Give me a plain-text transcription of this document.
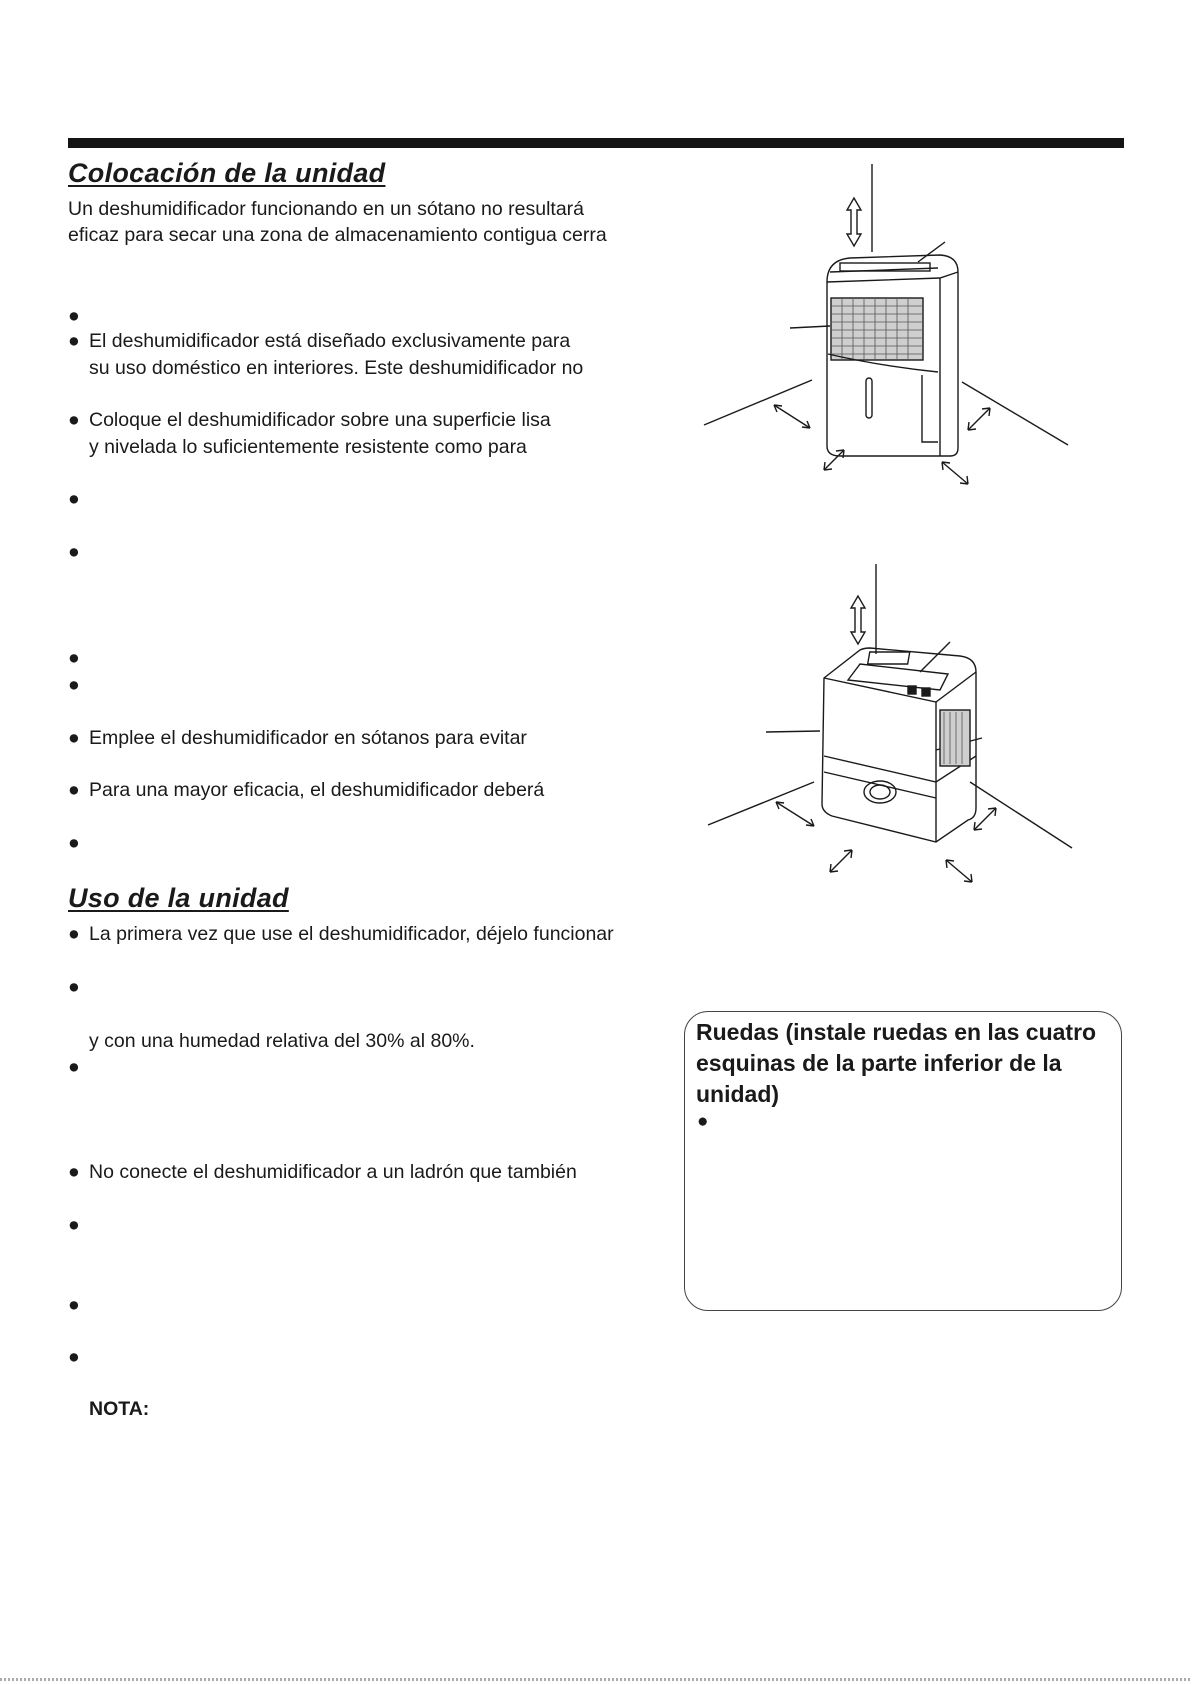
Colocación de la unidad

Un deshumidificador funcionando en un sótano no resultará

eficaz para secar una zona de almacenamiento contigua cerra

●
● El deshumidificador está diseñado exclusivamente para
su uso doméstico en interiores. Este deshumidificador no
● Coloque el deshumidificador sobre una superficie lisa
y nivelada lo suficientemente resistente como para
●
●
●
●
● Emplee el deshumidificador en sótanos para evitar
● Para una mayor eficacia, el deshumidificador deberá
●
Uso de la unidad
● La primera vez que use el deshumidificador, déjelo funcionar
●
y con una humedad relativa del 30% al 80%.
●
● No conecte el deshumidificador a un ladrón que también
●
●
●
NOTA:

Ruedas (instale ruedas en las cuatro esquinas de la parte inferior de la unidad)

●
